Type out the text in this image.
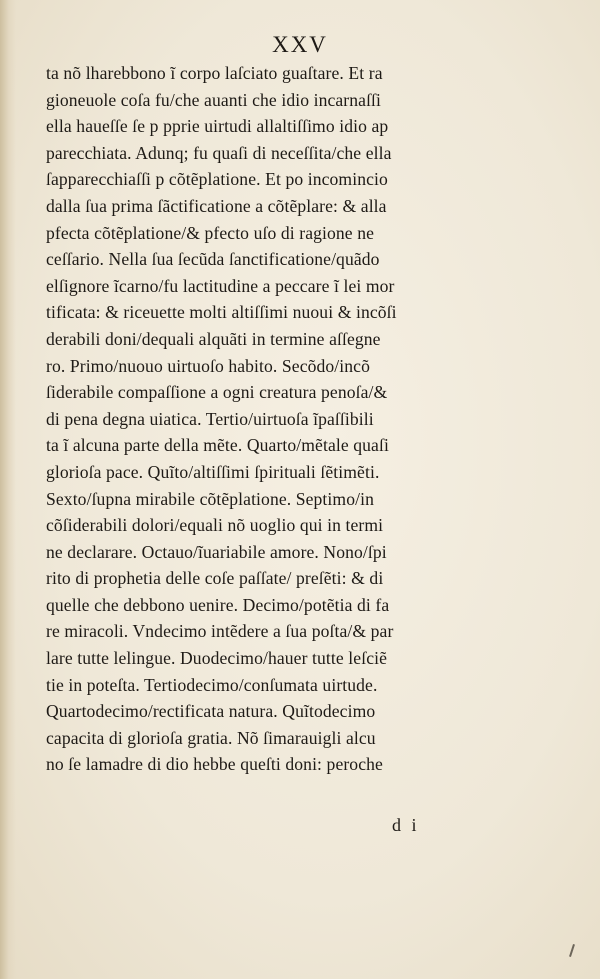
XXV
ta nõ lharebbono ĩ corpo laſciato guaſtare. Et ra
gioneuole coſa fu/che auanti che idio incarnaſſi
ella haueſſe ſe p pprie uirtudi allaltiſſimo idio ap
parecchiata. Adunq; fu quaſi di neceſſita/che ella
ſapparecchiaſſi p cõtẽplatione. Et po incomincio
dalla ſua prima ſãctificatione a cõtẽplare: & alla
pfecta cõtẽplatione/& pfecto uſo di ragione ne
ceſſario. Nella ſua ſecũda ſanctificatione/quãdo
elſignore ĩcarno/fu lactitudine a peccare ĩ lei mor
tificata: & riceuette molti altiſſimi nuoui & incõſi
derabili doni/dequali alquãti in termine aſſegne
ro. Primo/nuouo uirtuoſo habito. Secõdo/incõ
ſiderabile compaſſione a ogni creatura penoſa/&
di pena degna uiatica. Tertio/uirtuoſa ĩpaſſibili
ta ĩ alcuna parte della mẽte. Quarto/mẽtale quaſi
glorioſa pace. Quĩto/altiſſimi ſpirituali ſẽtimẽti.
Sexto/ſupna mirabile cõtẽplatione. Septimo/in
cõſiderabili dolori/equali nõ uoglio qui in termi
ne declarare. Octauo/ĩuariabile amore. Nono/ſpi
rito di prophetia delle coſe paſſate/ preſẽti: & di
quelle che debbono uenire. Decimo/potẽtia di fa
re miracoli. Vndecimo intẽdere a ſua poſta/& par
lare tutte lelingue. Duodecimo/hauer tutte leſciẽ
tie in poteſta. Tertiodecimo/conſumata uirtude.
Quartodecimo/rectificata natura. Quĩtodecimo
capacita di glorioſa gratia. Nõ ſimarauigli alcu
no ſe lamadre di dio hebbe queſti doni: peroche
d i
